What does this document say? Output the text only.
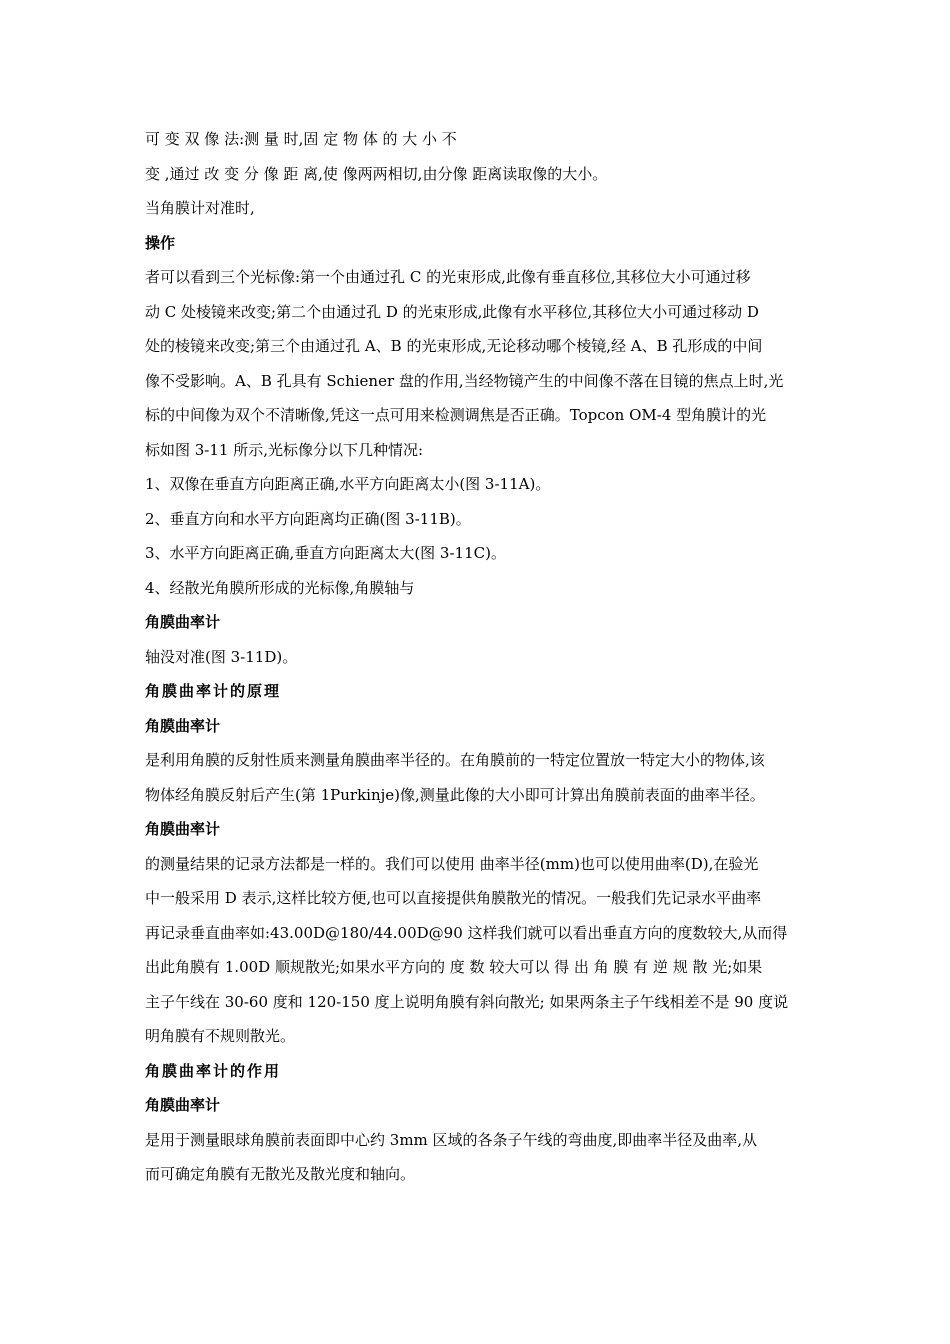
可 变 双 像 法:测 量 时,固 定 物 体 的 大 小 不
变 ,通过 改 变 分 像 距 离,使 像两两相切,由分像 距离读取像的大小。
当角膜计对准时,
操作
者可以看到三个光标像:第一个由通过孔 C 的光束形成,此像有垂直移位,其移位大小可通过移
动 C 处棱镜来改变;第二个由通过孔 D 的光束形成,此像有水平移位,其移位大小可通过移动 D
处的棱镜来改变;第三个由通过孔 A、B 的光束形成,无论移动哪个棱镜,经 A、B 孔形成的中间
像不受影响。A、B 孔具有 Schiener 盘的作用,当经物镜产生的中间像不落在目镜的焦点上时,光
标的中间像为双个不清晰像,凭这一点可用来检测调焦是否正确。Topcon OM-4 型角膜计的光
标如图 3-11 所示,光标像分以下几种情况:
1、双像在垂直方向距离正确,水平方向距离太小(图 3-11A)。
2、垂直方向和水平方向距离均正确(图 3-11B)。
3、水平方向距离正确,垂直方向距离太大(图 3-11C)。
4、经散光角膜所形成的光标像,角膜轴与
角膜曲率计
轴没对准(图 3-11D)。
角膜曲率计的原理
角膜曲率计
是利用角膜的反射性质来测量角膜曲率半径的。在角膜前的一特定位置放一特定大小的物体,该
物体经角膜反射后产生(第 1Purkinje)像,测量此像的大小即可计算出角膜前表面的曲率半径。
角膜曲率计
的测量结果的记录方法都是一样的。我们可以使用 曲率半径(mm)也可以使用曲率(D),在验光
中一般采用 D 表示,这样比较方便,也可以直接提供角膜散光的情况。一般我们先记录水平曲率
再记录垂直曲率如:43.00D@180/44.00D@90 这样我们就可以看出垂直方向的度数较大,从而得
出此角膜有 1.00D 顺规散光;如果水平方向的 度 数 较大可以 得 出 角 膜 有 逆 规 散 光;如果
主子午线在 30-60 度和 120-150 度上说明角膜有斜向散光; 如果两条主子午线相差不是 90 度说
明角膜有不规则散光。
角膜曲率计的作用
角膜曲率计
是用于测量眼球角膜前表面即中心约 3mm 区域的各条子午线的弯曲度,即曲率半径及曲率,从
而可确定角膜有无散光及散光度和轴向。
